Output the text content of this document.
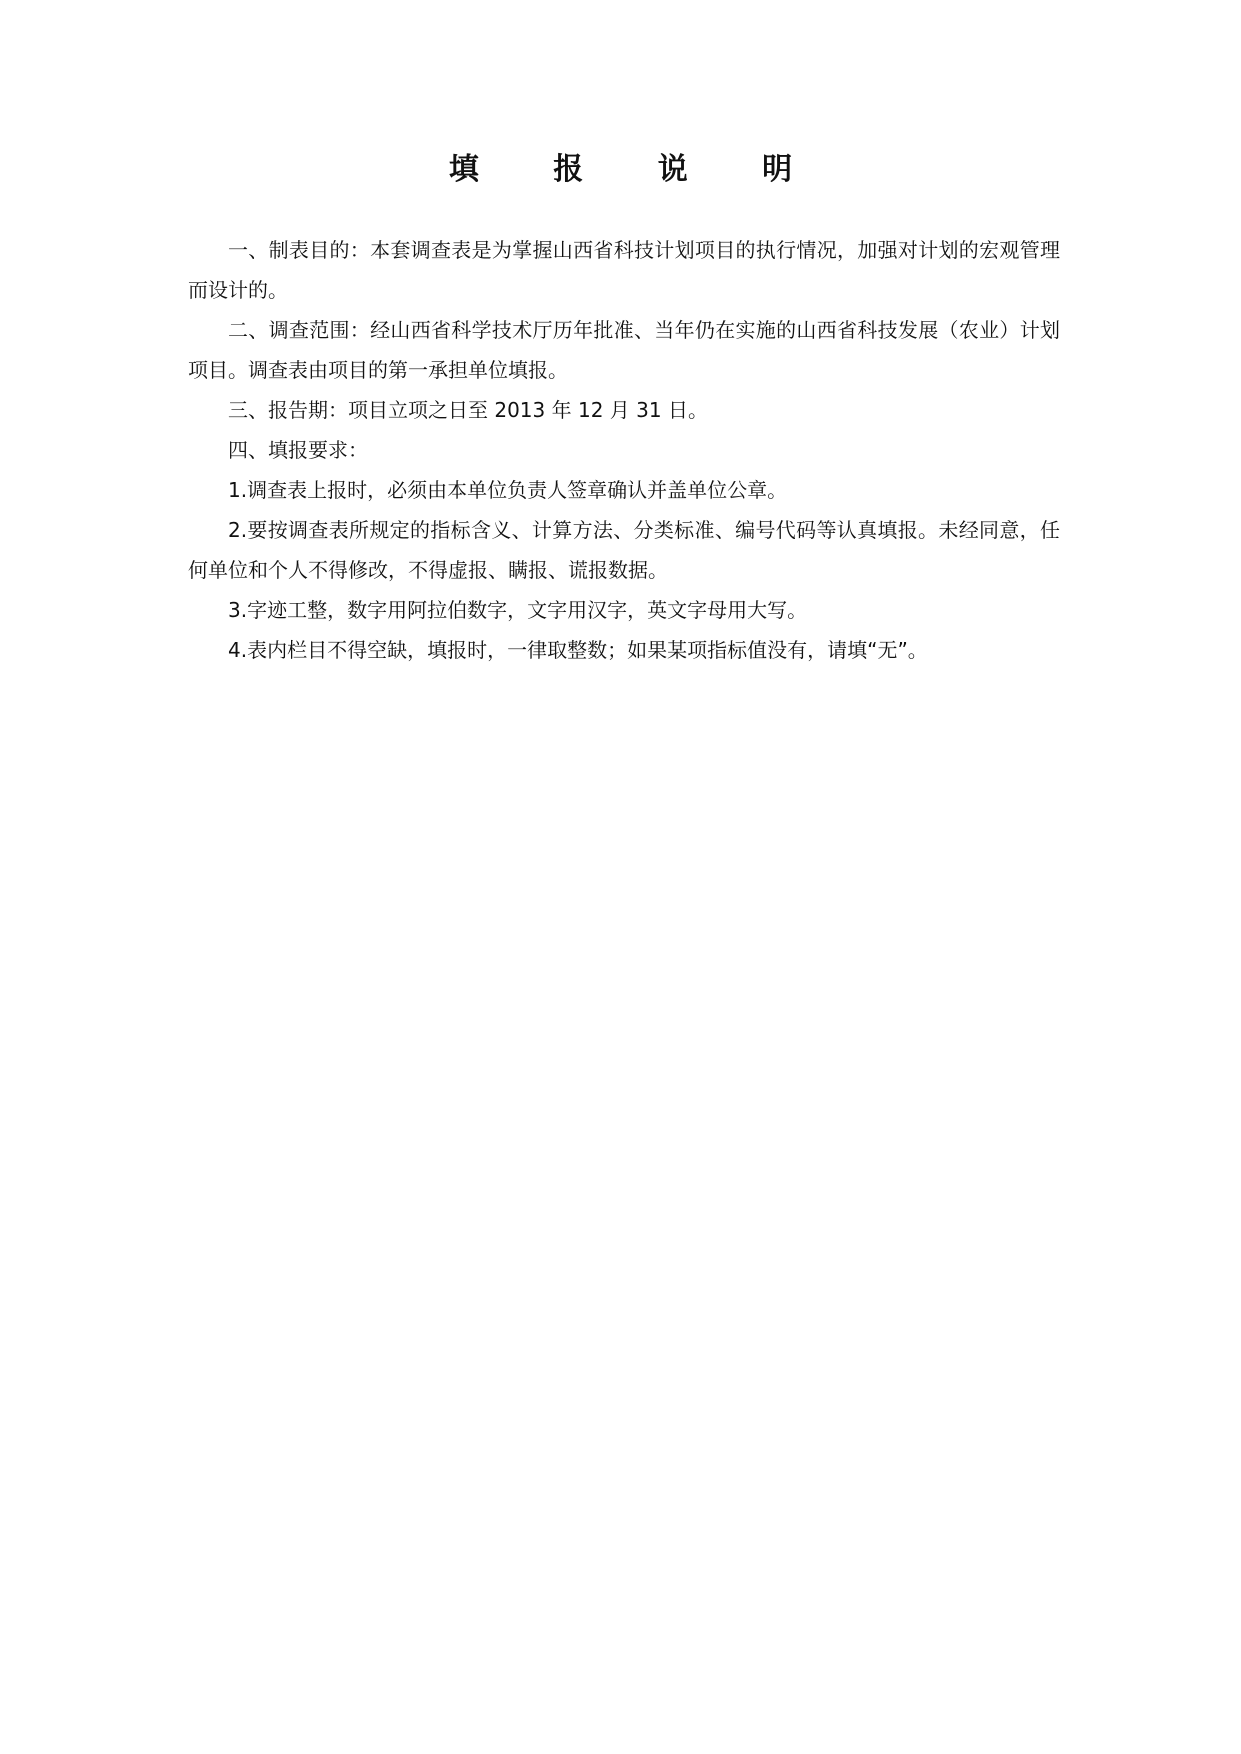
填 报 说 明

一、制表目的：本套调查表是为掌握山西省科技计划项目的执行情况，加强对计划的宏观管理而设计的。

二、调查范围：经山西省科学技术厅历年批准、当年仍在实施的山西省科技发展（农业）计划项目。调查表由项目的第一承担单位填报。

三、报告期：项目立项之日至 2013 年 12 月 31 日。

四、填报要求：

1.调查表上报时，必须由本单位负责人签章确认并盖单位公章。

2.要按调查表所规定的指标含义、计算方法、分类标准、编号代码等认真填报。未经同意，任何单位和个人不得修改，不得虚报、瞒报、谎报数据。

3.字迹工整，数字用阿拉伯数字，文字用汉字，英文字母用大写。

4.表内栏目不得空缺，填报时，一律取整数；如果某项指标值没有，请填“无”。
